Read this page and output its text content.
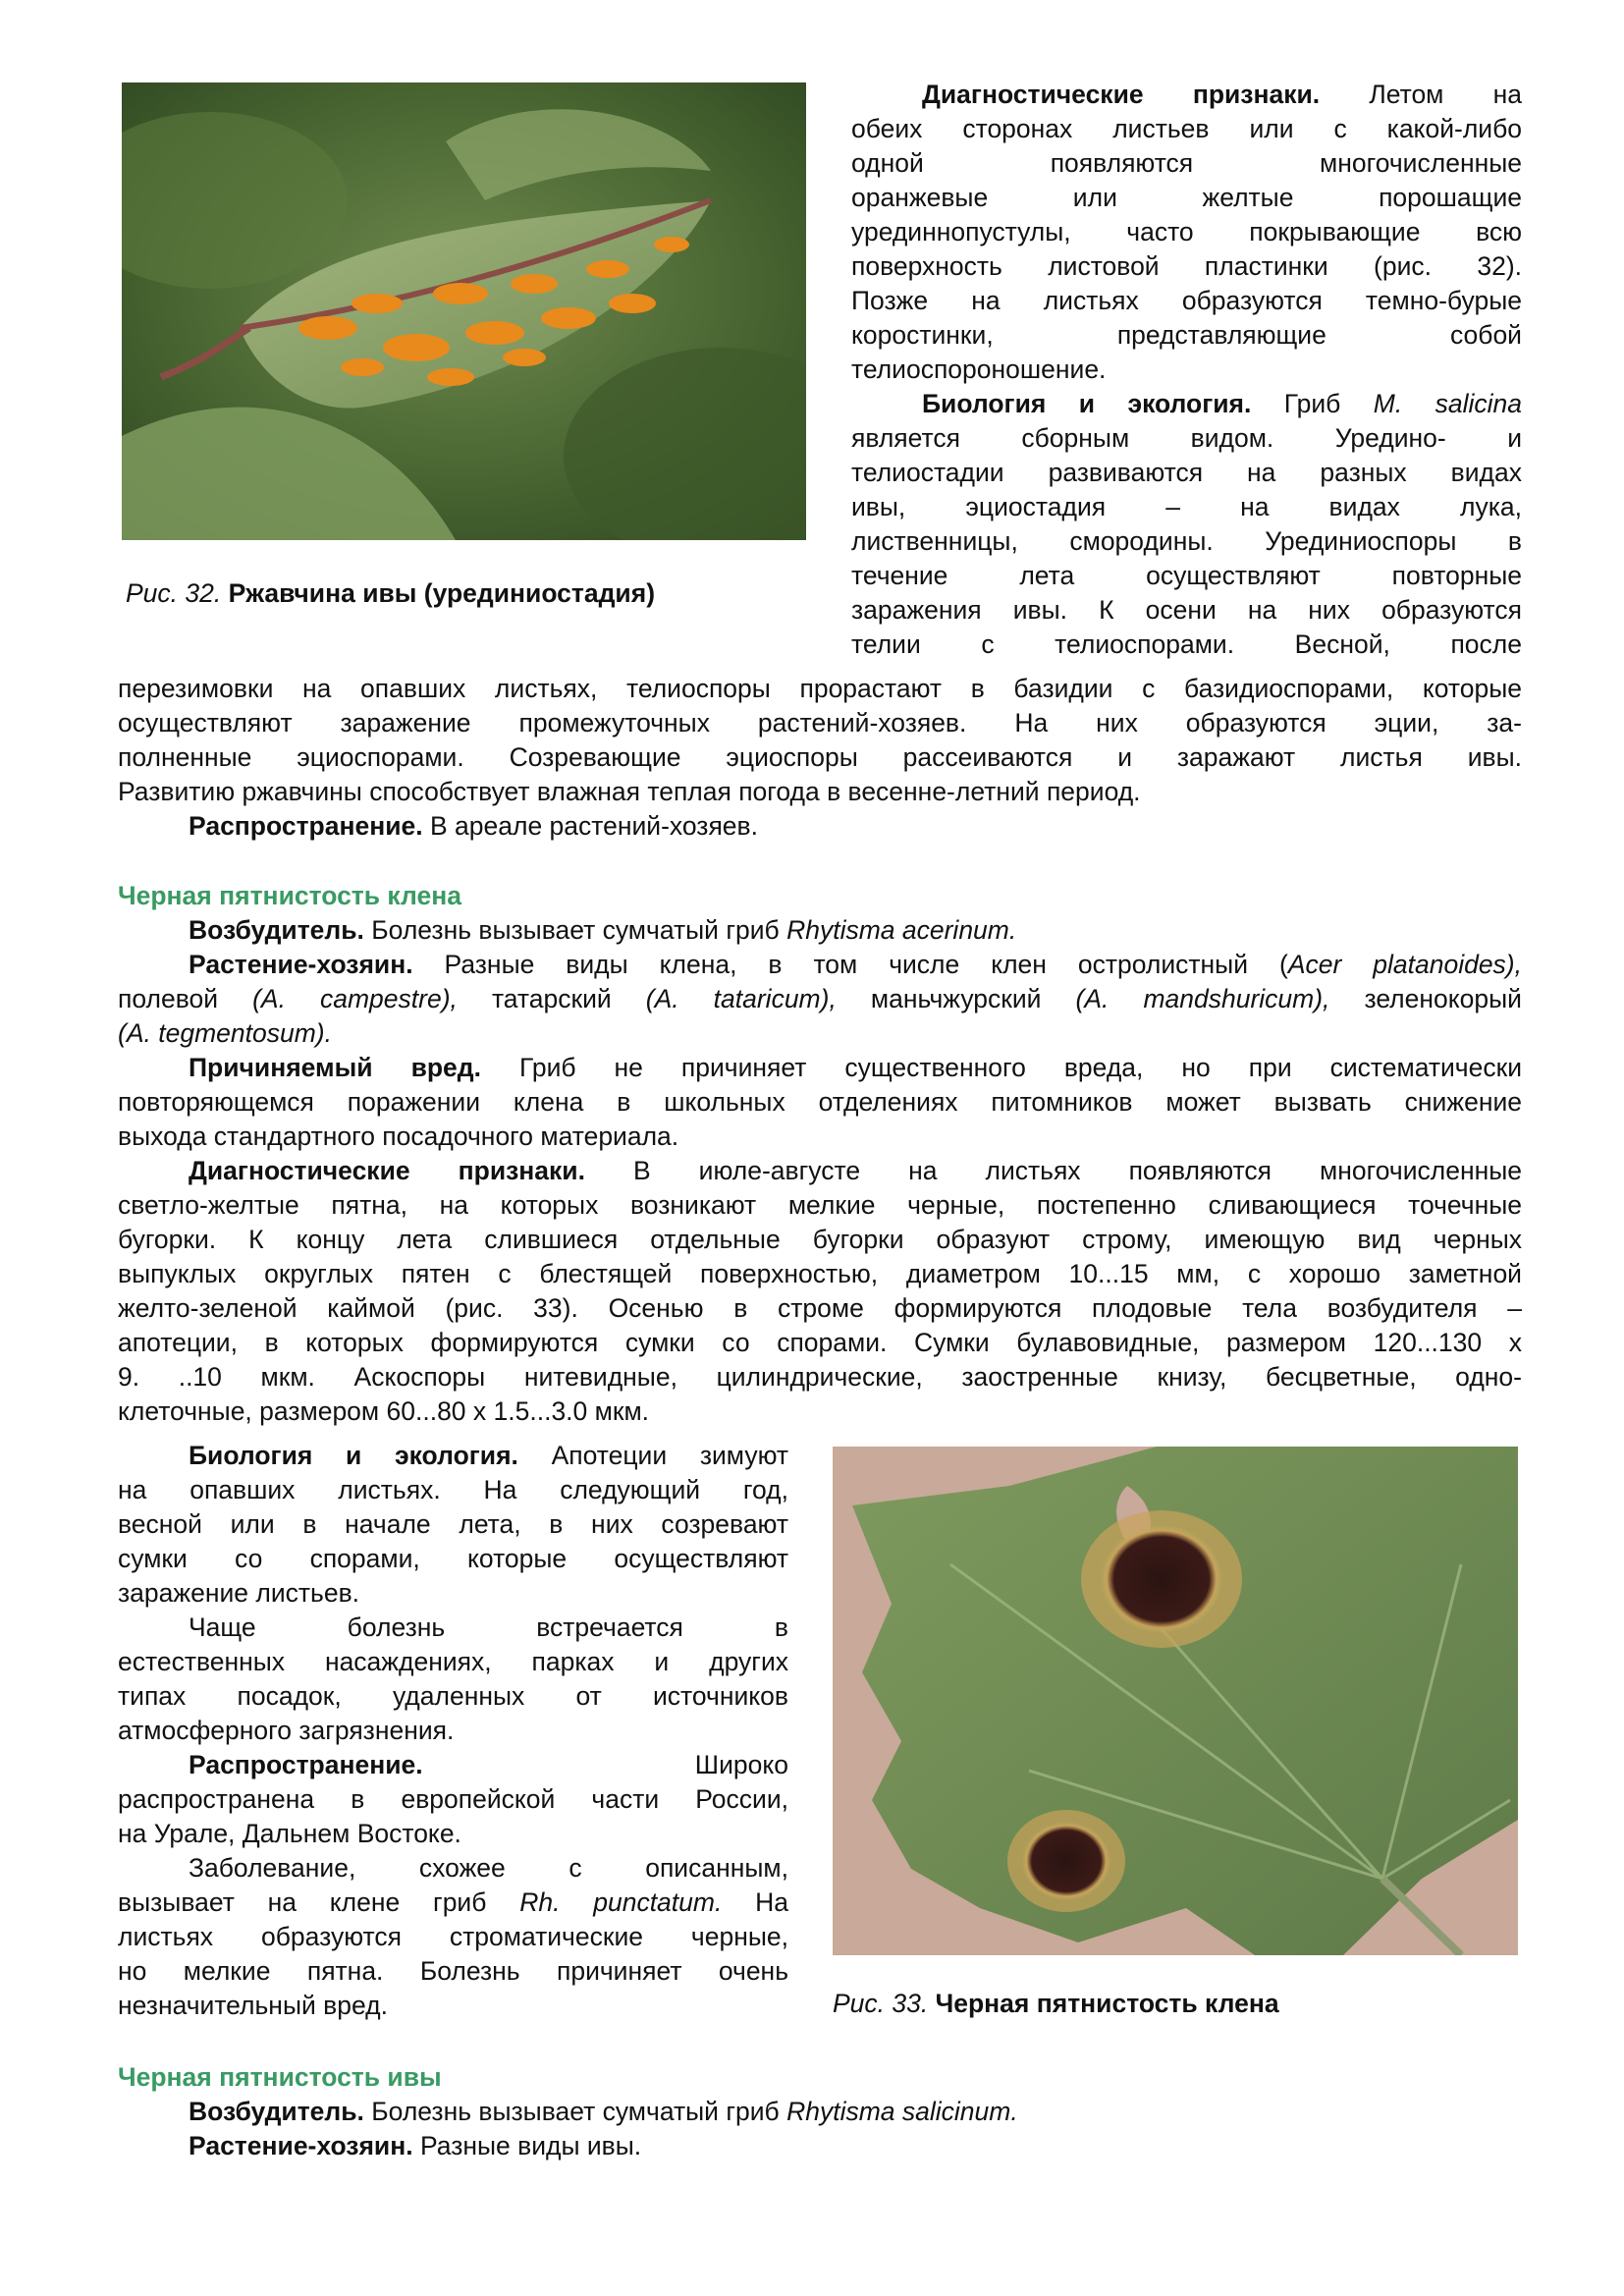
Рис. 32. Ржавчина ивы (урединиостадия)

Диагностические признаки. Летом на

обеих сторонах листьев или с какой-либо

одной появляются многочисленные

оранжевые или желтые порошащие

урединнопустулы, часто покрывающие всю

поверхность листовой пластинки (рис. 32).

Позже на листьях образуются темно-бурые

коростинки, представляющие собой

телиоспороношение.

Биология и экология. Гриб M. salicina

является сборным видом. Уредино- и

телиостадии развиваются на разных видах

ивы, эциостадия – на видах лука,

лиственницы, смородины. Урединиоспоры в

течение лета осуществляют повторные

заражения ивы. К осени на них образуются

телии с телиоспорами. Весной, после

перезимовки на опавших листьях, телиоспоры прорастают в базидии с базидиоспорами, которые

осуществляют заражение промежуточных растений-хозяев. На них образуются эции, за-

полненные эциоспорами. Созревающие эциоспоры рассеиваются и заражают листья ивы.

Развитию ржавчины способствует влажная теплая погода в весенне-летний период.

Распространение. В ареале растений-хозяев.

Черная пятнистость клена

Возбудитель. Болезнь вызывает сумчатый гриб Rhytisma acerinum.

Растение-хозяин. Разные виды клена, в том числе клен остролистный (Acer platanoides),

полевой (A. campestre), татарский (A. tataricum), маньчжурский (A. mandshuricum), зеленокорый

(A. tegmentosum).

Причиняемый вред. Гриб не причиняет существенного вреда, но при систематически

повторяющемся поражении клена в школьных отделениях питомников может вызвать снижение

выхода стандартного посадочного материала.

Диагностические признаки. В июле-августе на листьях появляются многочисленные

светло-желтые пятна, на которых возникают мелкие черные, постепенно сливающиеся точечные

бугорки. К концу лета слившиеся отдельные бугорки образуют строму, имеющую вид черных

выпуклых округлых пятен с блестящей поверхностью, диаметром 10...15 мм, с хорошо заметной

желто-зеленой каймой (рис. 33). Осенью в строме формируются плодовые тела возбудителя –

апотеции, в которых формируются сумки со спорами. Сумки булавовидные, размером 120...130 х

9. ..10 мкм. Аскоспоры нитевидные, цилиндрические, заостренные книзу, бесцветные, одно-

клеточные, размером 60...80 х 1.5...3.0 мкм.

Биология и экология. Апотеции зимуют

на опавших листьях. На следующий год,

весной или в начале лета, в них созревают

сумки со спорами, которые осуществляют

заражение листьев.

Чаще болезнь встречается в

естественных насаждениях, парках и других

типах посадок, удаленных от источников

атмосферного загрязнения.

Распространение. Широко

распространена в европейской части России,

на Урале, Дальнем Востоке.

Заболевание, схожее с описанным,

вызывает на клене гриб Rh. punctatum. На

листьях образуются строматические черные,

но мелкие пятна. Болезнь причиняет очень

незначительный вред.	Рис. 33. Черная пятнистость клена

Черная пятнистость ивы

Возбудитель. Болезнь вызывает сумчатый гриб Rhytisma salicinum.

Растение-хозяин. Разные виды ивы.
